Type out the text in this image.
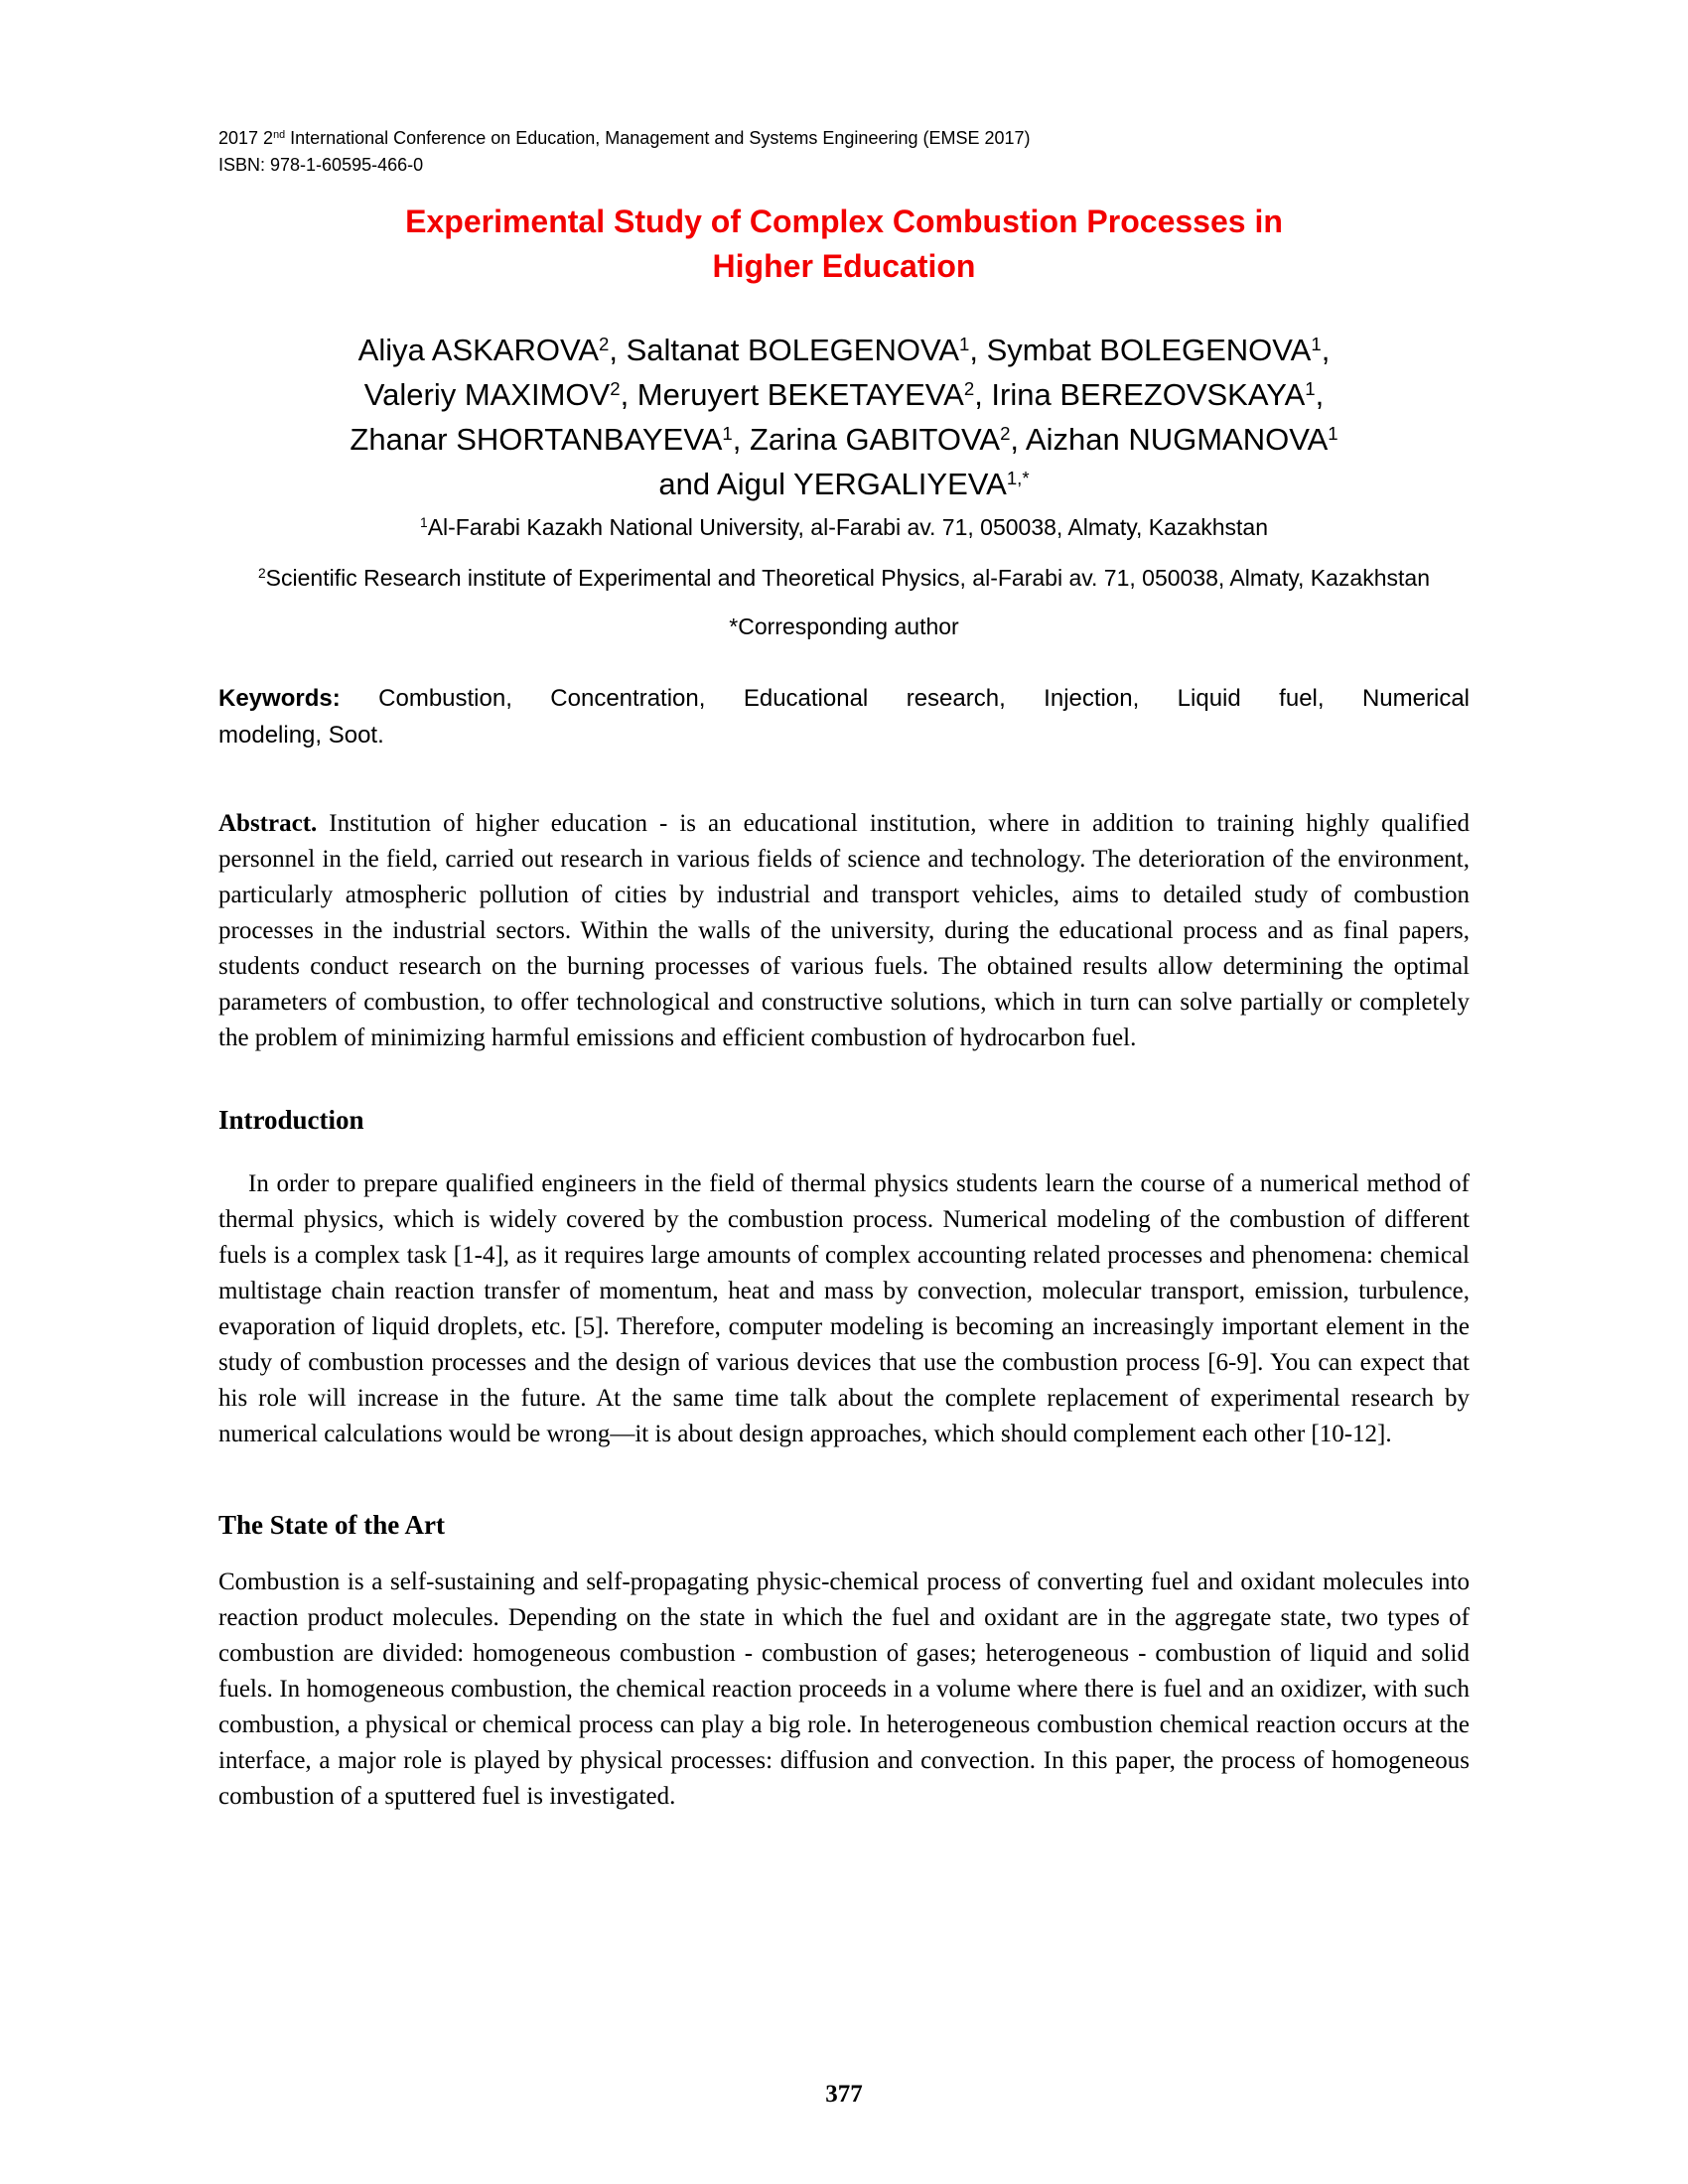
2017 2nd International Conference on Education, Management and Systems Engineering (EMSE 2017)
ISBN: 978-1-60595-466-0
Experimental Study of Complex Combustion Processes in
Higher Education
Aliya ASKAROVA$^2$, Saltanat BOLEGENOVA$^1$, Symbat BOLEGENOVA$^1$,
Valeriy MAXIMOV$^2$, Meruyert BEKETAYEVA$^2$, Irina BEREZOVSKAYA$^1$,
Zhanar SHORTANBAYEVA$^1$, Zarina GABITOVA$^2$, Aizhan NUGMANOVA$^1$
and Aigul $YERGALIYEVA^{1,*}$
$^1$Al-Farabi Kazakh National University, al-Farabi av. 71, 050038, Almaty, Kazakhstan
$^2$Scientific Research institute of Experimental and Theoretical Physics, al-Farabi av. 71, 050038, Almaty, Kazakhstan
*Corresponding author
Keywords: Combustion, Concentration, Educational research, Injection, Liquid fuel, Numerical
modeling, Soot.

Abstract. Institution of higher education - is an educational institution, where in addition to training highly qualified personnel in the field, carried out research in various fields of science and technology. The deterioration of the environment, particularly atmospheric pollution of cities by industrial and transport vehicles, aims to detailed study of combustion processes in the industrial sectors. Within the walls of the university, during the educational process and as final papers, students conduct research on the burning processes of various fuels. The obtained results allow determining the optimal parameters of combustion, to offer technological and constructive solutions, which in turn can solve partially or completely the problem of minimizing harmful emissions and efficient combustion of hydrocarbon fuel.

Introduction

In order to prepare qualified engineers in the field of thermal physics students learn the course of a numerical method of thermal physics, which is widely covered by the combustion process. Numerical modeling of the combustion of different fuels is a complex task [1-4], as it requires large amounts of complex accounting related processes and phenomena: chemical multistage chain reaction transfer of momentum, heat and mass by convection, molecular transport, emission, turbulence, evaporation of liquid droplets, etc. [5]. Therefore, computer modeling is becoming an increasingly important element in the study of combustion processes and the design of various devices that use the combustion process [6-9]. You can expect that his role will increase in the future. At the same time talk about the complete replacement of experimental research by numerical calculations would be wrong—it is about design approaches, which should complement each other [10-12].

The State of the Art

Combustion is a self-sustaining and self-propagating physic-chemical process of converting fuel and oxidant molecules into reaction product molecules. Depending on the state in which the fuel and oxidant are in the aggregate state, two types of combustion are divided: homogeneous combustion - combustion of gases; heterogeneous - combustion of liquid and solid fuels. In homogeneous combustion, the chemical reaction proceeds in a volume where there is fuel and an oxidizer, with such combustion, a physical or chemical process can play a big role. In heterogeneous combustion chemical reaction occurs at the interface, a major role is played by physical processes: diffusion and convection. In this paper, the process of homogeneous combustion of a sputtered fuel is investigated.

377
